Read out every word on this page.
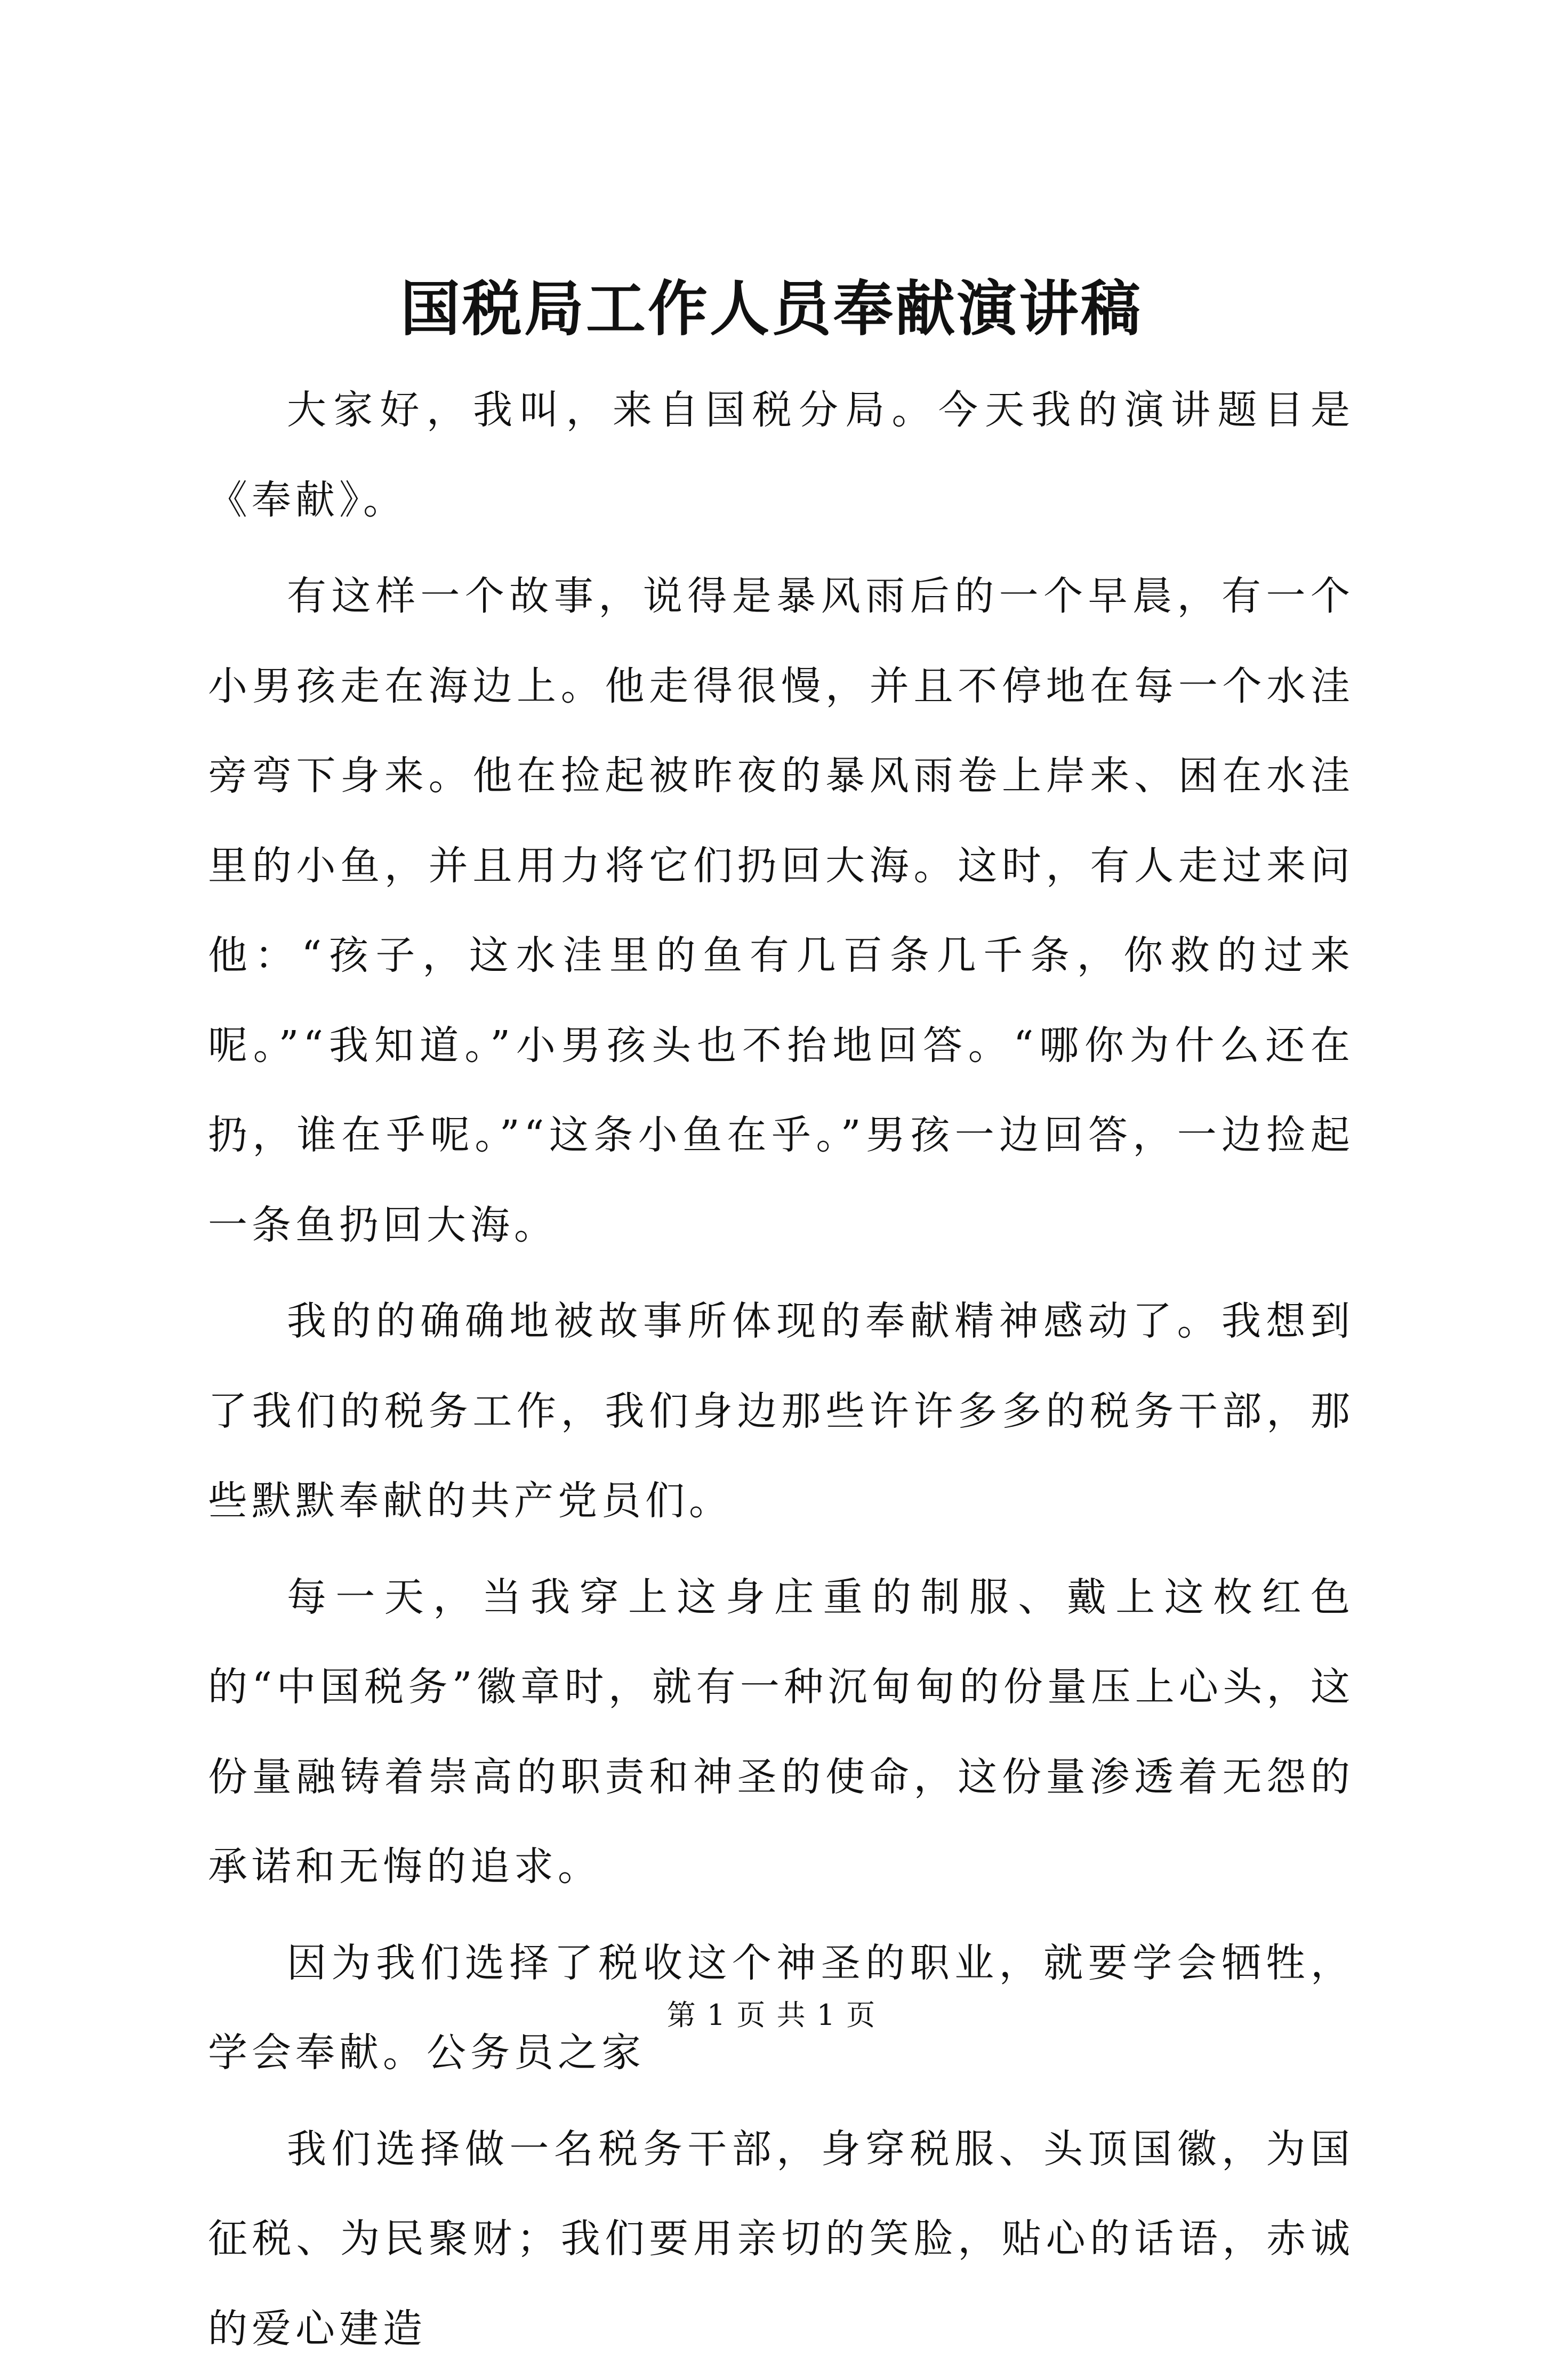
国税局工作人员奉献演讲稿

大家好，我叫，来自国税分局。今天我的演讲题目是《奉献》。

有这样一个故事，说得是暴风雨后的一个早晨，有一个小男孩走在海边上。他走得很慢，并且不停地在每一个水洼旁弯下身来。他在捡起被昨夜的暴风雨卷上岸来、困在水洼里的小鱼，并且用力将它们扔回大海。这时，有人走过来问他：“孩子，这水洼里的鱼有几百条几千条，你救的过来呢。”“我知道。”小男孩头也不抬地回答。“哪你为什么还在扔，谁在乎呢。”“这条小鱼在乎。”男孩一边回答，一边捡起一条鱼扔回大海。

我的的确确地被故事所体现的奉献精神感动了。我想到了我们的税务工作，我们身边那些许许多多的税务干部，那些默默奉献的共产党员们。

每一天，当我穿上这身庄重的制服、戴上这枚红色的“中国税务”徽章时，就有一种沉甸甸的份量压上心头，这份量融铸着崇高的职责和神圣的使命，这份量渗透着无怨的承诺和无悔的追求。

因为我们选择了税收这个神圣的职业，就要学会牺牲，学会奉献。公务员之家

我们选择做一名税务干部，身穿税服、头顶国徽，为国征税、为民聚财；我们要用亲切的笑脸，贴心的话语，赤诚的爱心建造

第 1 页 共 1 页
